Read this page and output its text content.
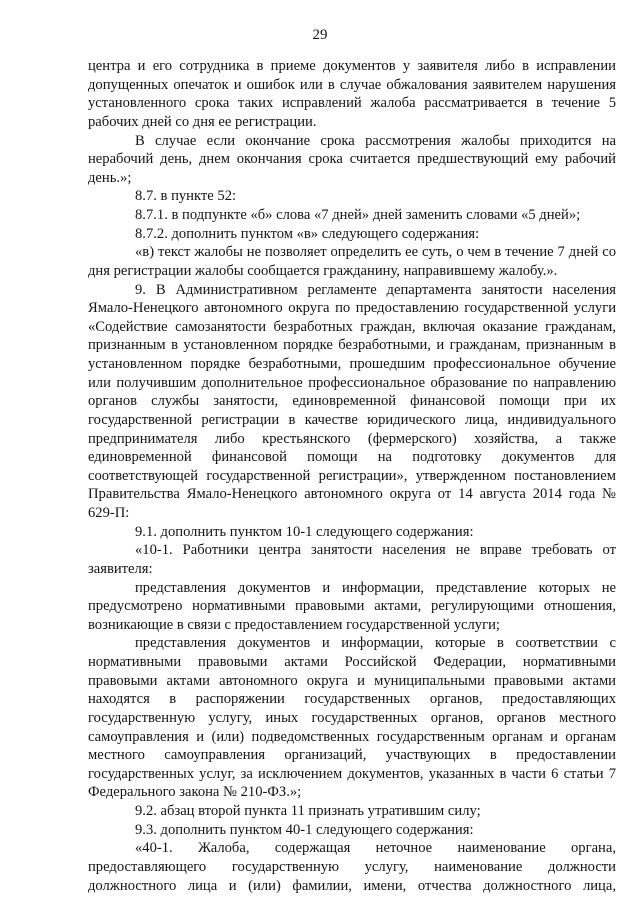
29

центра и его сотрудника в приеме документов у заявителя либо в исправлении допущенных опечаток и ошибок или в случае обжалования заявителем нарушения установленного срока таких исправлений жалоба рассматривается в течение 5 рабочих дней со дня ее регистрации.

В случае если окончание срока рассмотрения жалобы приходится на нерабочий день, днем окончания срока считается предшествующий ему рабочий день.»;

8.7. в пункте 52:

8.7.1. в подпункте «б» слова «7 дней» дней заменить словами «5 дней»;

8.7.2. дополнить пунктом «в» следующего содержания:

«в) текст жалобы не позволяет определить ее суть, о чем в течение 7 дней со дня регистрации жалобы сообщается гражданину, направившему жалобу.».

9. В Административном регламенте департамента занятости населения Ямало-Ненецкого автономного округа по предоставлению государственной услуги «Содействие самозанятости безработных граждан, включая оказание гражданам, признанным в установленном порядке безработными, и гражданам, признанным в установленном порядке безработными, прошедшим профессиональное обучение или получившим дополнительное профессиональное образование по направлению органов службы занятости, единовременной финансовой помощи при их государственной регистрации в качестве юридического лица, индивидуального предпринимателя либо крестьянского (фермерского) хозяйства, а также единовременной финансовой помощи на подготовку документов для соответствующей государственной регистрации», утвержденном постановлением Правительства Ямало-Ненецкого автономного округа от 14 августа 2014 года № 629-П:

9.1. дополнить пунктом 10-1 следующего содержания:

«10-1. Работники центра занятости населения не вправе требовать от заявителя:

представления документов и информации, представление которых не предусмотрено нормативными правовыми актами, регулирующими отношения, возникающие в связи с предоставлением государственной услуги;

представления документов и информации, которые в соответствии с нормативными правовыми актами Российской Федерации, нормативными правовыми актами автономного округа и муниципальными правовыми актами находятся в распоряжении государственных органов, предоставляющих государственную услугу, иных государственных органов, органов местного самоуправления и (или) подведомственных государственным органам и органам местного самоуправления организаций, участвующих в предоставлении государственных услуг, за исключением документов, указанных в части 6 статьи 7 Федерального закона № 210-ФЗ.»;

9.2. абзац второй пункта 11 признать утратившим силу;

9.3. дополнить пунктом 40-1 следующего содержания:

«40-1. Жалоба, содержащая неточное наименование органа, предоставляющего государственную услугу, наименование должности должностного лица и (или) фамилии, имени, отчества должностного лица,
